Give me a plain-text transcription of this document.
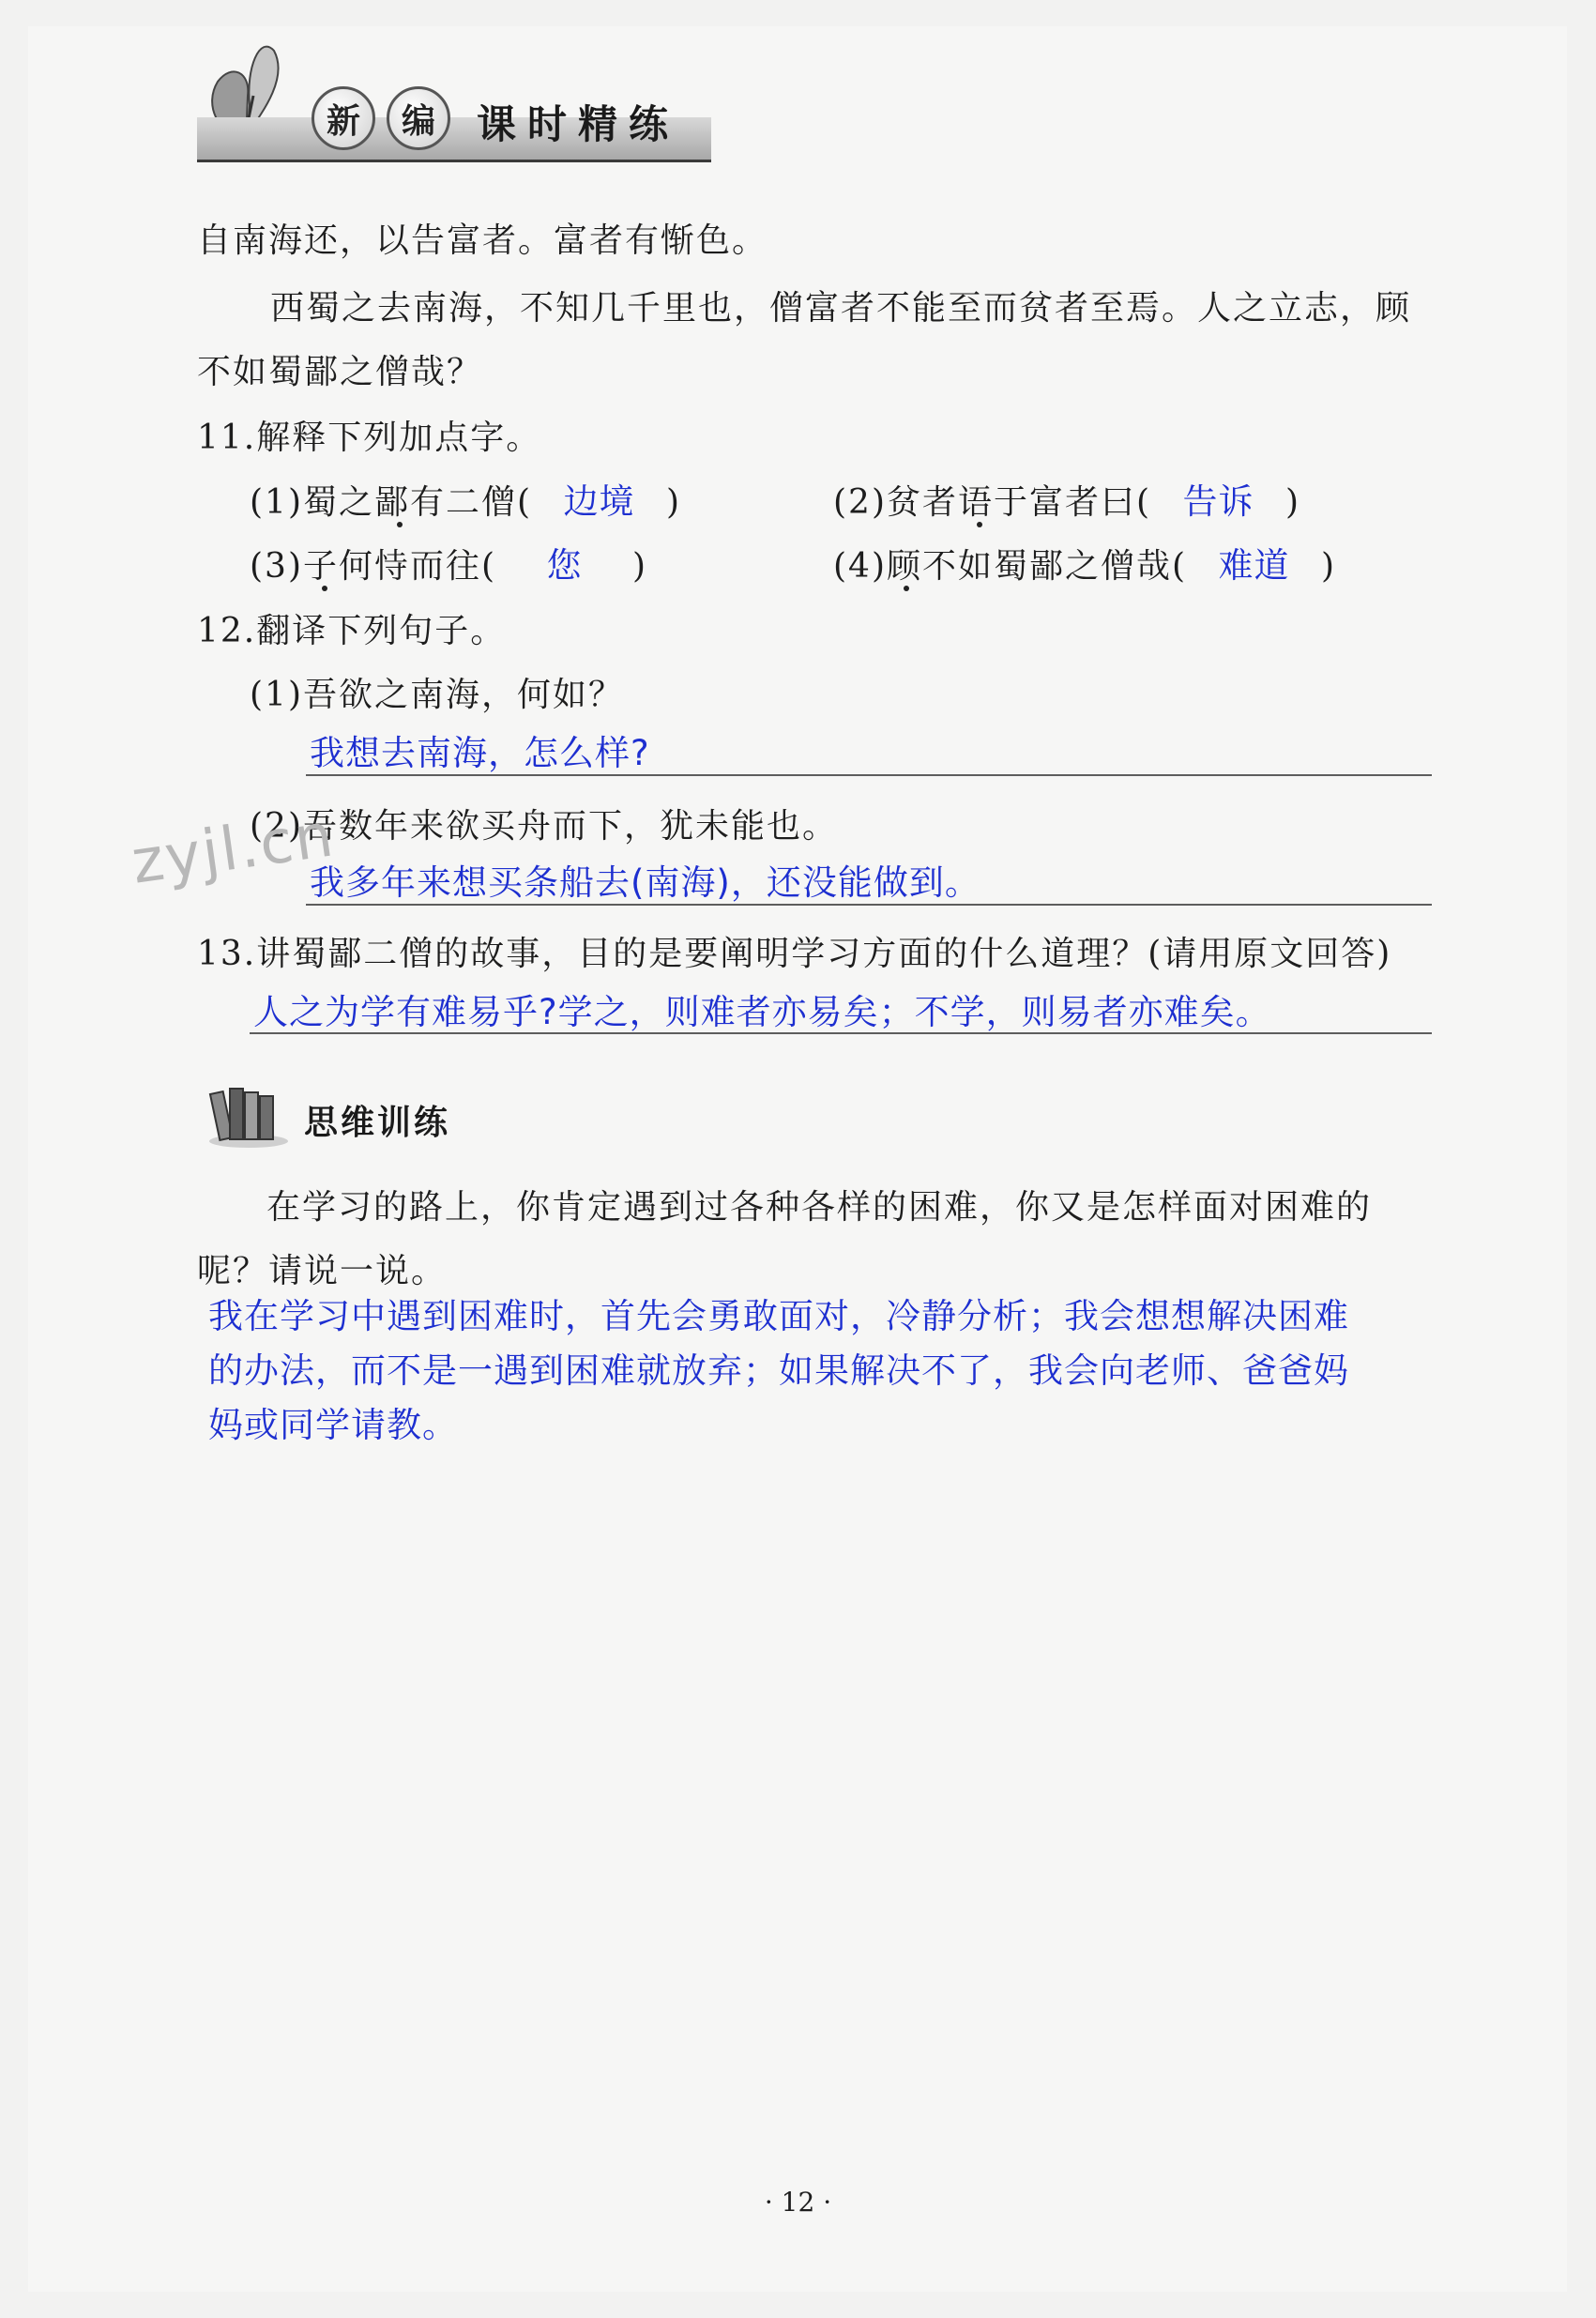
新	编	课时精练
自南海还，以告富者。富者有惭色。
西蜀之去南海，不知几千里也，僧富者不能至而贫者至焉。人之立志，顾
不如蜀鄙之僧哉？
11.解释下列加点字。
(1)蜀之鄙有二僧( 边境 )	(2)贫者语于富者曰( 告诉 )
(3)子何恃而往( 您 )	(4)顾不如蜀鄙之僧哉( 难道 )
12.翻译下列句子。
(1)吾欲之南海，何如？
我想去南海，怎么样?
(2)吾数年来欲买舟而下，犹未能也。
我多年来想买条船去(南海)，还没能做到。
zyjl.cn
13.讲蜀鄙二僧的故事，目的是要阐明学习方面的什么道理？(请用原文回答)
人之为学有难易乎?学之，则难者亦易矣；不学，则易者亦难矣。
思维训练
在学习的路上，你肯定遇到过各种各样的困难，你又是怎样面对困难的
呢？请说一说。
我在学习中遇到困难时，首先会勇敢面对，冷静分析；我会想想解决困难
的办法，而不是一遇到困难就放弃；如果解决不了，我会向老师、爸爸妈
妈或同学请教。
· 12 ·
